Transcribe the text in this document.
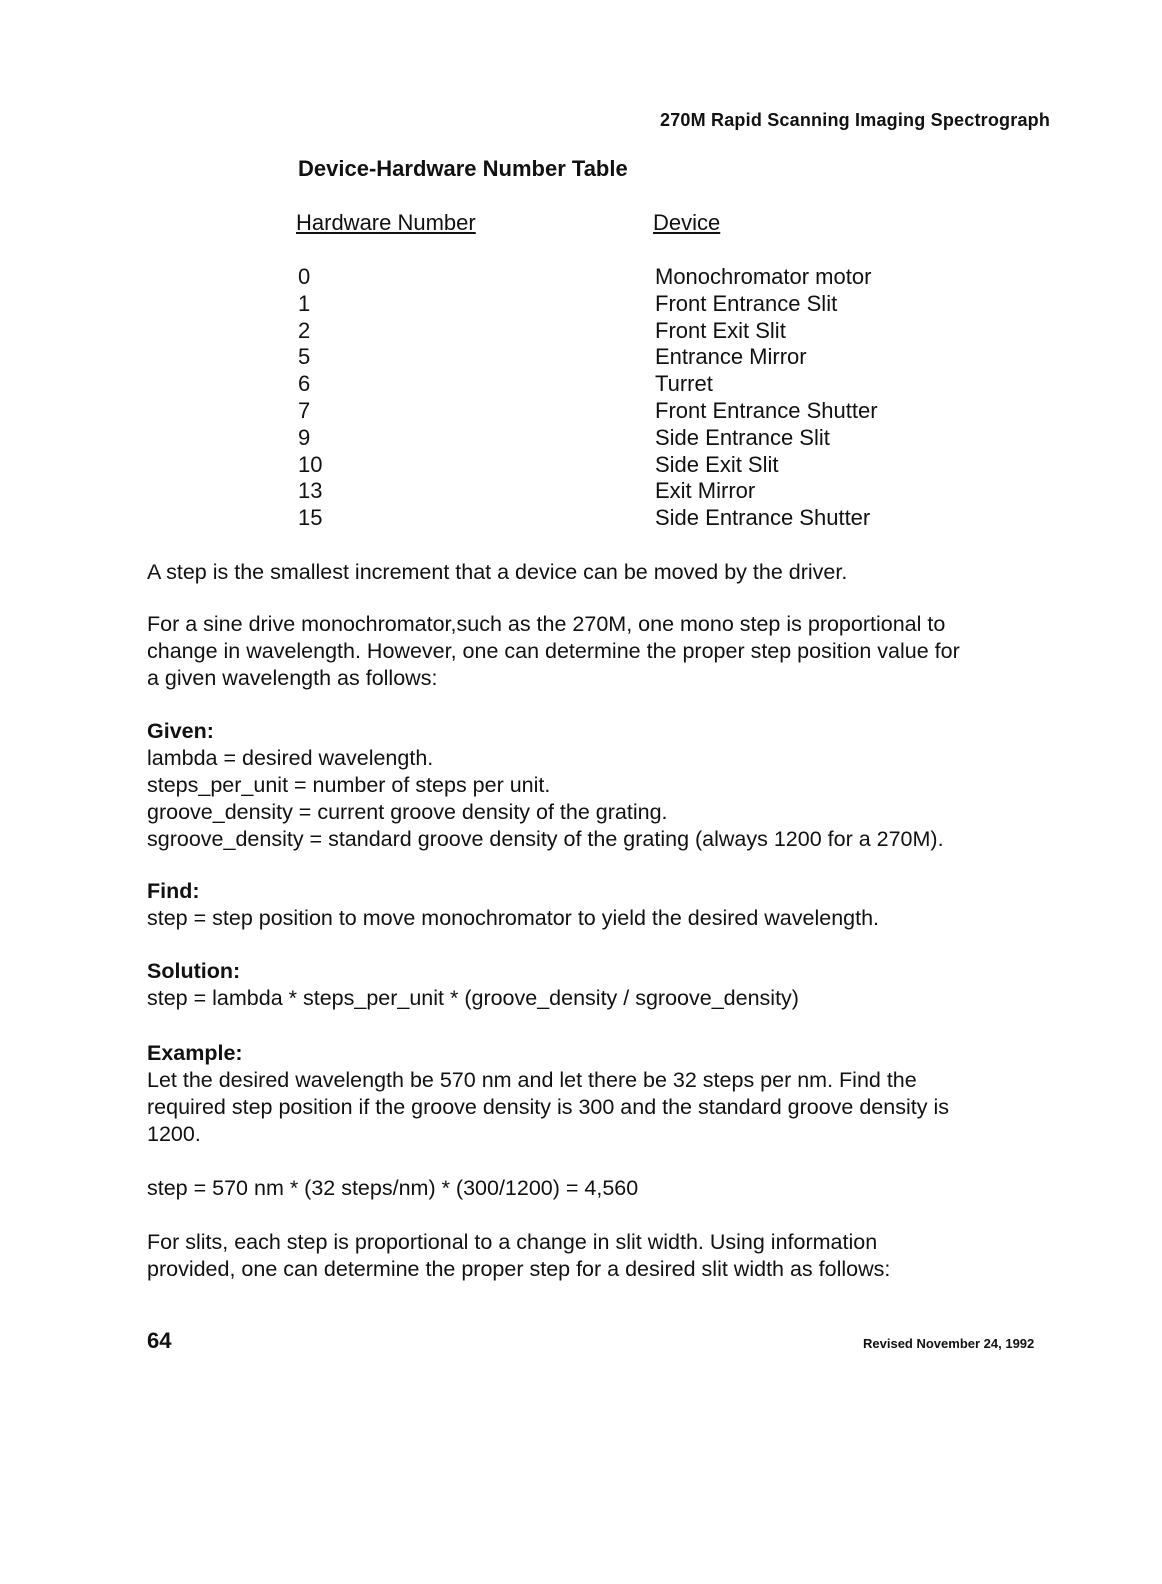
270M Rapid Scanning Imaging Spectrograph
Device-Hardware Number Table
Hardware Number	Device
0	Monochromator motor
1	Front Entrance Slit
2	Front Exit Slit
5	Entrance Mirror
6	Turret
7	Front Entrance Shutter
9	Side Entrance Slit
10	Side Exit Slit
13	Exit Mirror
15	Side Entrance Shutter
A step is the smallest increment that a device can be moved by the driver.
For a sine drive monochromator,such as the 270M, one mono step is proportional to
change in wavelength. However, one can determine the proper step position value for
a given wavelength as follows:
Given:
lambda = desired wavelength.
steps_per_unit = number of steps per unit.
groove_density = current groove density of the grating.
sgroove_density = standard groove density of the grating (always 1200 for a 270M).
Find:
step = step position to move monochromator to yield the desired wavelength.
Solution:
step = lambda * steps_per_unit * (groove_density / sgroove_density)
Example:
Let the desired wavelength be 570 nm and let there be 32 steps per nm. Find the
required step position if the groove density is 300 and the standard groove density is
1200.
step = 570 nm * (32 steps/nm) * (300/1200) = 4,560
For slits, each step is proportional to a change in slit width. Using information
provided, one can determine the proper step for a desired slit width as follows:
64	Revised November 24, 1992
